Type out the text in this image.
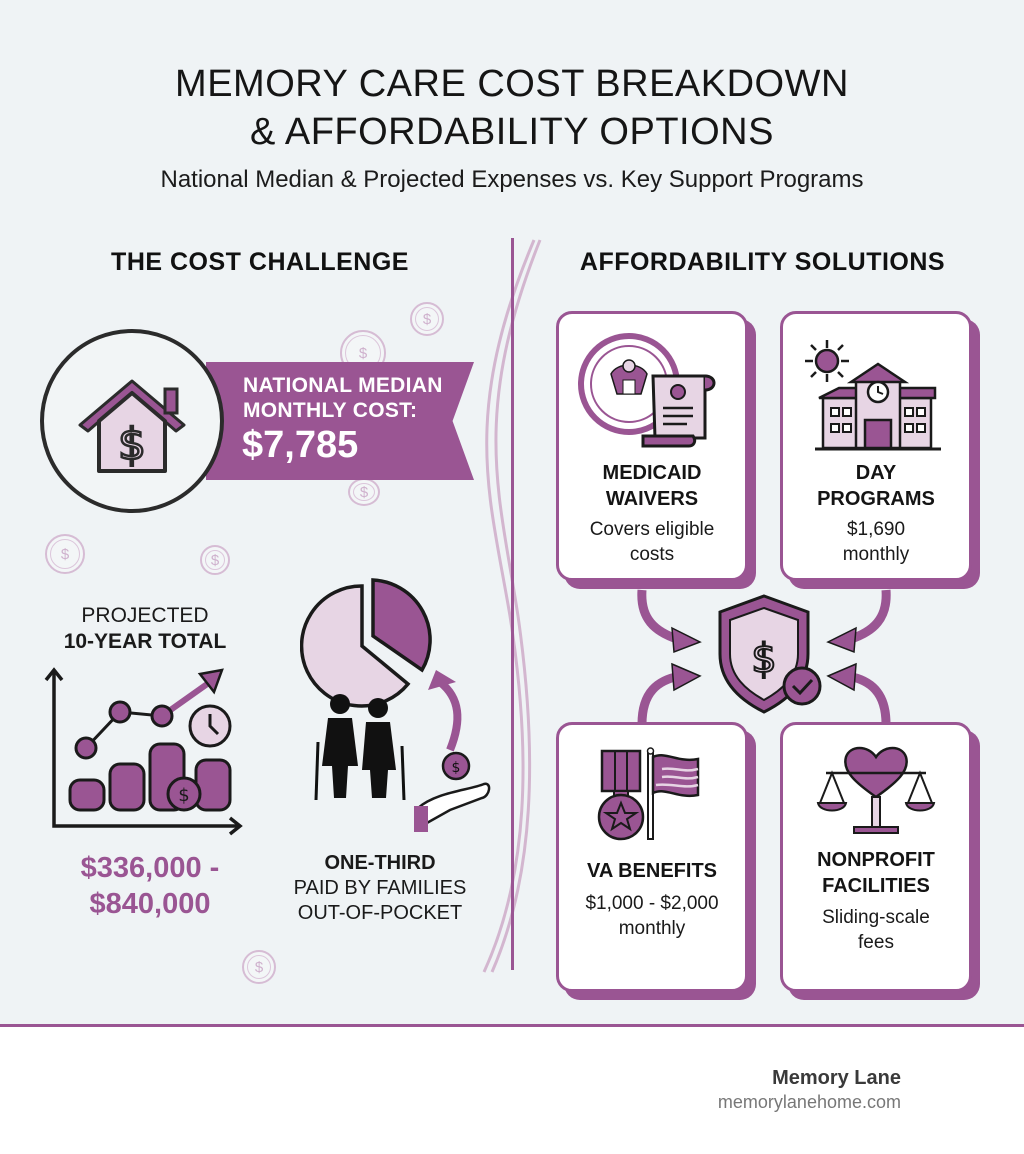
MEMORY CARE COST BREAKDOWN
& AFFORDABILITY OPTIONS
National Median & Projected Expenses vs. Key Support Programs
THE COST CHALLENGE
$
$
$
$	$
$
NATIONAL MEDIAN
MONTHLY COST:
$7,785
$
PROJECTED
10-YEAR TOTAL
$
$336,000 -
$840,000
$
ONE-THIRD
PAID BY FAMILIES
OUT-OF-POCKET
AFFORDABILITY SOLUTIONS
MEDICAID
WAIVERS
Covers eligible
costs
DAY
PROGRAMS
$1,690
monthly
$
VA BENEFITS
$1,000 - $2,000
monthly
NONPROFIT
FACILITIES
Sliding-scale
fees
Memory Lane
memorylanehome.com
